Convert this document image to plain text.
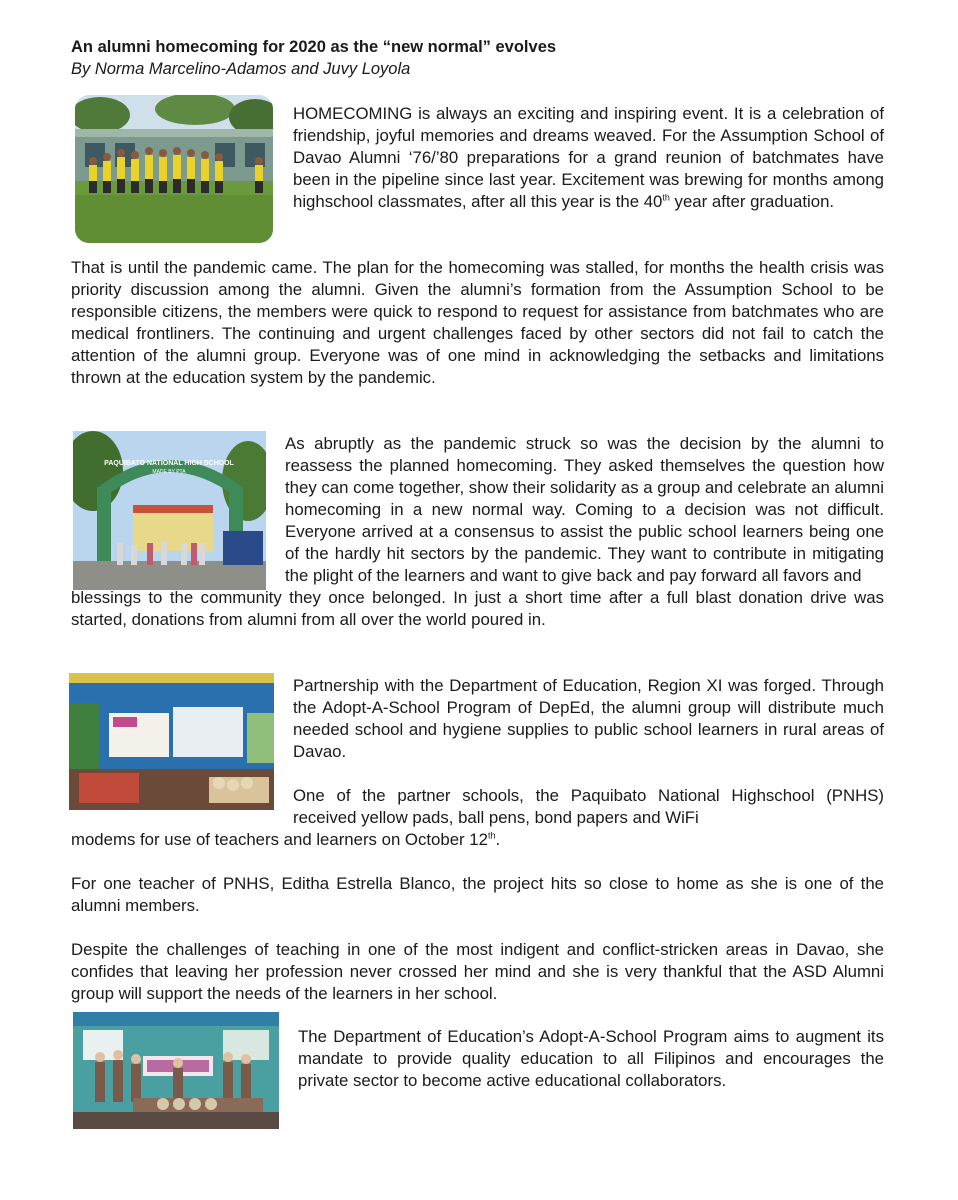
An alumni homecoming for 2020 as the “new normal” evolves
By Norma Marcelino-Adamos and Juvy Loyola

HOMECOMING is always an exciting and inspiring event. It is a celebration of friendship, joyful memories and dreams weaved. For the Assumption School of Davao Alumni ‘76/’80 preparations for a grand reunion of batchmates have been in the pipeline since last year. Excitement was brewing for months among highschool classmates, after all this year is the 40th year after graduation.

That is until the pandemic came. The plan for the homecoming was stalled, for months the health crisis was priority discussion among the alumni. Given the alumni’s formation from the Assumption School to be responsible citizens, the members were quick to respond to request for assistance from batchmates who are medical frontliners. The continuing and urgent challenges faced by other sectors did not fail to catch the attention of the alumni group. Everyone was of one mind in acknowledging the setbacks and limitations thrown at the education system by the pandemic.

PAQUIBATO NATIONAL HIGH SCHOOL
MADE BY PTA

As abruptly as the pandemic struck so was the decision by the alumni to reassess the planned homecoming. They asked themselves the question how they can come together, show their solidarity as a group and celebrate an alumni homecoming in a new normal way. Coming to a decision was not difficult. Everyone arrived at a consensus to assist the public school learners being one of the hardly hit sectors by the pandemic. They want to contribute in mitigating the plight of the learners and want to give back and pay forward all favors and

blessings to the community they once belonged. In just a short time after a full blast donation drive was started, donations from alumni from all over the world poured in.

Partnership with the Department of Education, Region XI was forged. Through the Adopt-A-School Program of DepEd, the alumni group will distribute much needed school and hygiene supplies to public school learners in rural areas of Davao.

One of the partner schools, the Paquibato National Highschool (PNHS) received yellow pads, ball pens, bond papers and WiFi

modems for use of teachers and learners on October 12th.

For one teacher of PNHS, Editha Estrella Blanco, the project hits so close to home as she is one of the alumni members.

Despite the challenges of teaching in one of the most indigent and conflict-stricken areas in Davao, she confides that leaving her profession never crossed her mind and she is very thankful that the ASD Alumni group will support the needs of the learners in her school.

The Department of Education’s Adopt-A-School Program aims to augment its mandate to provide quality education to all Filipinos and encourages the private sector to become active educational collaborators.
